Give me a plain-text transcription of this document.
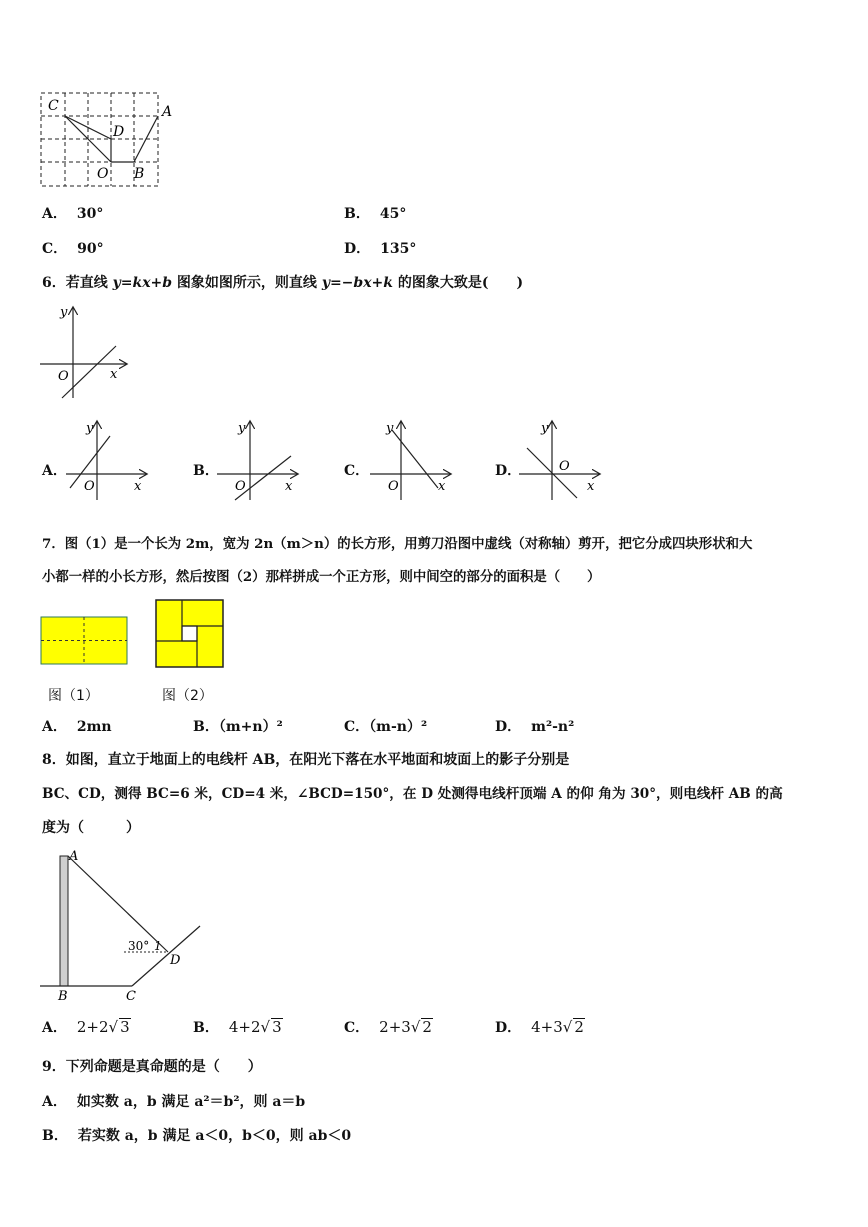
C	A
D
O B
A． 30°	B． 45°
C． 90°	D． 135°
6．若直线 y=kx+b 图象如图所示，则直线 y=−bx+k 的图象大致是(　　)
y
x
O
A．
y
x
O
B．
y
x
O
C．
y
x
O
D．
y
x
O
7．图（1）是一个长为 2m，宽为 2n（m＞n）的长方形，用剪刀沿图中虚线（对称轴）剪开，把它分成四块形状和大
小都一样的小长方形，然后按图（2）那样拼成一个正方形，则中间空的部分的面积是（　　）
图（1）	图（2）
A． 2mn	B．（m+n）²	C．（m-n）²	D． m²-n²
8．如图，直立于地面上的电线杆 AB，在阳光下落在水平地面和坡面上的影子分别是
BC、CD，测得 BC=6 米，CD=4 米，∠BCD=150°，在 D 处测得电线杆顶端 A 的仰 角为 30°，则电线杆 AB 的高
度为（　　　）
A
B	C
D
30° 1
A． 2+2√ 3	B． 4+2√ 3	C． 2+3√ 2	D． 4+3√ 2
9．下列命题是真命题的是（　　）
A． 如实数 a，b 满足 a²＝b²，则 a＝b
B． 若实数 a，b 满足 a＜0，b＜0，则 ab＜0
